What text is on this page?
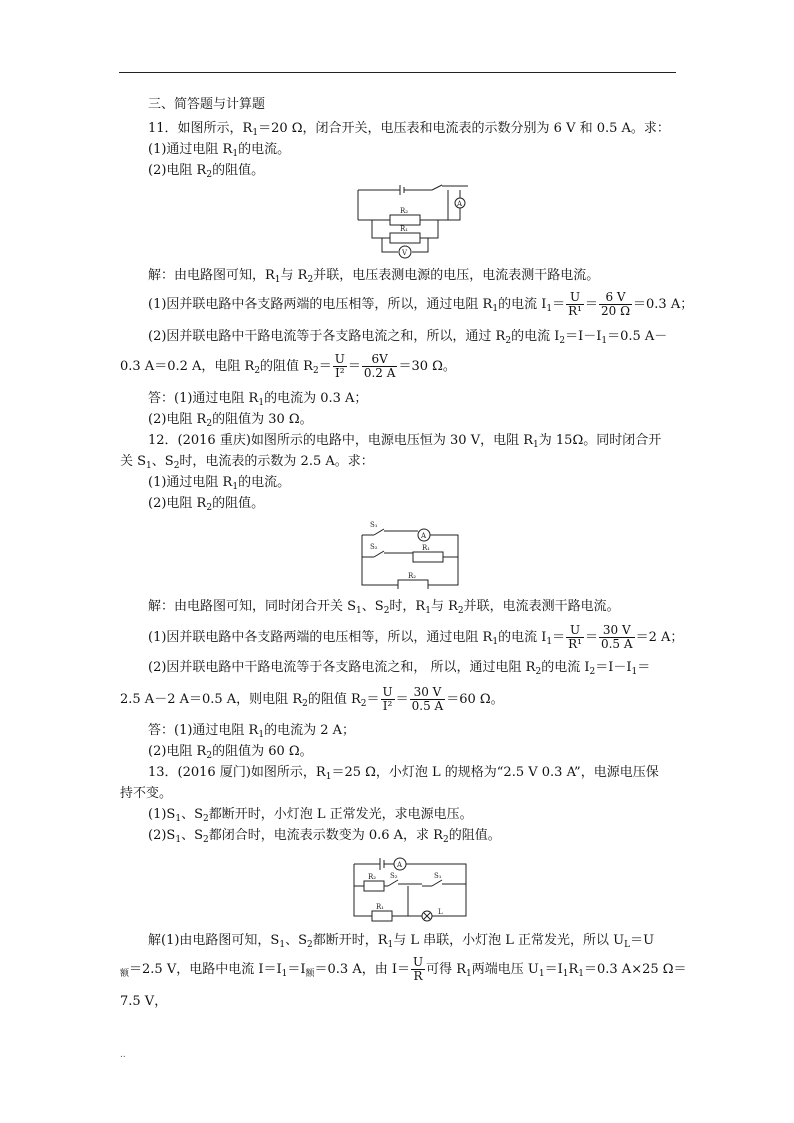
三、简答题与计算题
11．如图所示，$R_1=20$ Ω，闭合开关，电压表和电流表的示数分别为 6 V 和 0.5 A。求：
(1)通过电阻 $R_1$的电流。
(2)电阻 $R_2$的阻值。
R₂
R₁
A
V
解：由电路图可知，$R_1$与 $R_2$并联，电压表测电源的电压，电流表测干路电流。
(1)因并联电路中各支路两端的电压相等，所以，通过电阻 $R_1$的电流 $I_1= \frac{U}{\text{R¹}} = \frac{6 V}{20 \Omega} =0.3$ A；
(2)因并联电路中干路电流等于各支路电流之和，所以，通过 $R_2$的电流 $I_2=I-I_1=0.5$ A－
0.3 A＝0.2 A，电阻 $R_2$的阻值 $R_2= \frac{U}{\text{I²}} = \frac{6V}{0.2 A} =30$ Ω。
答：(1)通过电阻 $R_1$的电流为 0.3 A；
(2)电阻 $R_2$的阻值为 30 Ω。
12．(2016 重庆)如图所示的电路中，电源电压恒为 30 V，电阻 $R_1$为 15Ω。同时闭合开
关 $S_1$、$S_2$时，电流表的示数为 2.5 A。求：
(1)通过电阻 $R_1$的电流。
(2)电阻 $R_2$的阻值。
S₁
S₂
A
R₁
R₂
解：由电路图可知，同时闭合开关 $S_1$、$S_2$时，$R_1$与 $R_2$并联，电流表测干路电流。
(1)因并联电路中各支路两端的电压相等，所以，通过电阻 $R_1$的电流 $I_1= \frac{U}{\text{R¹}} = \frac{30 V}{0.5 A} =2$ A；
(2)因并联电路中干路电流等于各支路电流之和， 所以，通过电阻 $R_2$的电流 $I_2=I-I_1=$
2.5 A－2 A＝0.5 A，则电阻 $R_2$的阻值 $R_2= \frac{U}{\text{I²}} = \frac{30 V}{0.5 A} =60$ Ω。
答：(1)通过电阻 $R_1$的电流为 2 A；
(2)电阻 $R_2$的阻值为 60 Ω。
13．(2016 厦门)如图所示，$R_1=25$ Ω，小灯泡 L 的规格为“2.5 V 0.3 A”，电源电压保
持不变。
$(1)S_1$、$S_2$都断开时，小灯泡 L 正常发光，求电源电压。
$(2)S_1$、$S_2$都闭合时，电流表示数变为 0.6 A，求 $R_2$的阻值。
A
R₂ S₂	S₁
R₁
L
解(1)由电路图可知，$S_1$、$S_2$都断开时，$R_1$与 L 串联，小灯泡 L 正常发光，所以 $U_L=U$
$_额$＝2.5 V，电路中电流 $I=I_1=I_额=0.3$ A，由 $I= \frac{U}{R}$ 可得 $R_1$两端电压 $U_1=I_1R_1=0.3$ A×25 Ω＝
7.5 V，
..
